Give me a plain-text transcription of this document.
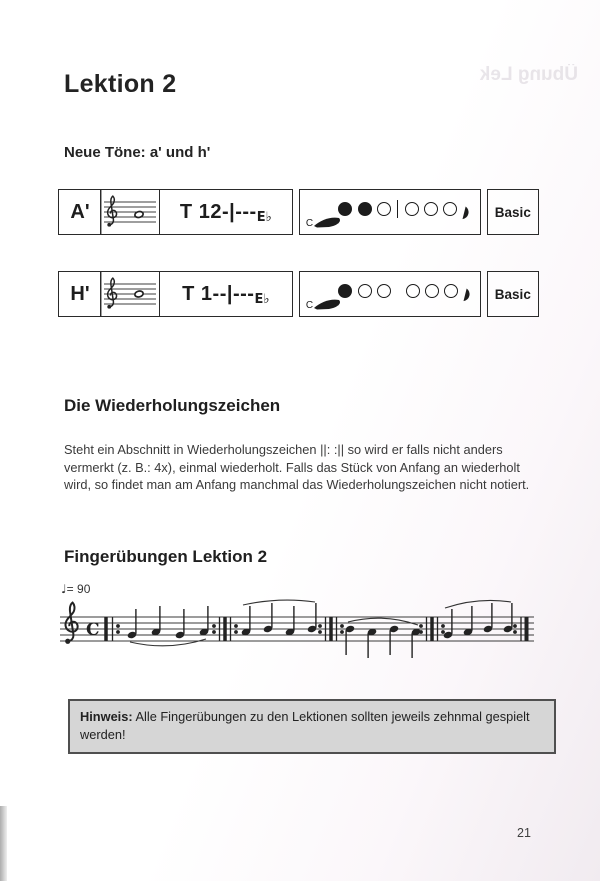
Übung Lek
Lektion 2
Neue Töne: a' und h'
A'	T 12-|--- E♭	C
Basic
H'	T 1--|--- E♭	C
Basic
Die Wiederholungszeichen
Steht ein Abschnitt in Wiederholungszeichen ||: :|| so wird er falls nicht anders vermerkt (z. B.: 4x), einmal wiederholt. Falls das Stück von Anfang an wiederholt wird, so findet man am Anfang manchmal das Wiederholungszeichen nicht notiert.
Fingerübungen Lektion 2
♩= 90
C
Hinweis: Alle Fingerübungen zu den Lektionen sollten jeweils zehnmal gespielt werden!
21
